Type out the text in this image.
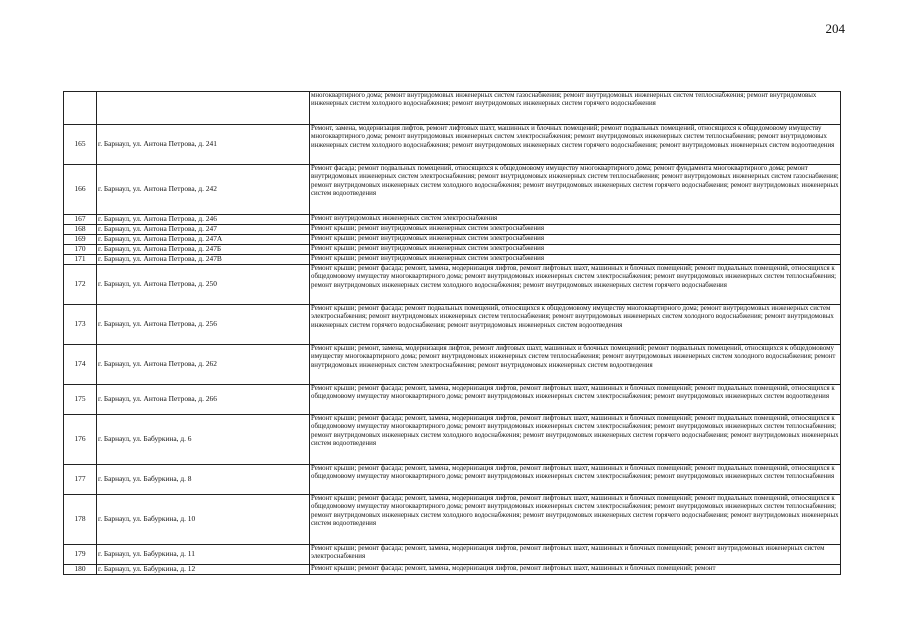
204
		многоквартирного дома; ремонт внутридомовых инженерных систем газоснабжения; ремонт внутридомовых инженерных систем теплоснабжения; ремонт внутридомовых инженерных систем холодного водоснабжения; ремонт внутридомовых инженерных систем горячего водоснабжения
165	г. Барнаул, ул. Антона Петрова, д. 241	Ремонт, замена, модернизация лифтов, ремонт лифтовых шахт, машинных и блочных помещений; ремонт подвальных помещений, относящихся к общедомовому имуществу многоквартирного дома; ремонт внутридомовых инженерных систем электроснабжения; ремонт внутридомовых инженерных систем теплоснабжения; ремонт внутридомовых инженерных систем холодного водоснабжения; ремонт внутридомовых инженерных систем горячего водоснабжения; ремонт внутридомовых инженерных систем водоотведения
166	г. Барнаул, ул. Антона Петрова, д. 242	Ремонт фасада; ремонт подвальных помещений, относящихся к общедомовому имуществу многоквартирного дома; ремонт фундамента многоквартирного дома; ремонт внутридомовых инженерных систем электроснабжения; ремонт внутридомовых инженерных систем теплоснабжения; ремонт внутридомовых инженерных систем газоснабжения; ремонт внутридомовых инженерных систем холодного водоснабжения; ремонт внутридомовых инженерных систем горячего водоснабжения; ремонт внутридомовых инженерных систем водоотведения
167	г. Барнаул, ул. Антона Петрова, д. 246	Ремонт внутридомовых инженерных систем электроснабжения
168	г. Барнаул, ул. Антона Петрова, д. 247	Ремонт крыши; ремонт внутридомовых инженерных систем электроснабжения
169	г. Барнаул, ул. Антона Петрова, д. 247А	Ремонт крыши; ремонт внутридомовых инженерных систем электроснабжения
170	г. Барнаул, ул. Антона Петрова, д. 247Б	Ремонт крыши; ремонт внутридомовых инженерных систем электроснабжения
171	г. Барнаул, ул. Антона Петрова, д. 247В	Ремонт крыши; ремонт внутридомовых инженерных систем электроснабжения
172	г. Барнаул, ул. Антона Петрова, д. 250	Ремонт крыши; ремонт фасада; ремонт, замена, модернизация лифтов, ремонт лифтовых шахт, машинных и блочных помещений; ремонт подвальных помещений, относящихся к общедомовому имуществу многоквартирного дома; ремонт внутридомовых инженерных систем электроснабжения; ремонт внутридомовых инженерных систем теплоснабжения; ремонт внутридомовых инженерных систем холодного водоснабжения; ремонт внутридомовых инженерных систем горячего водоснабжения
173	г. Барнаул, ул. Антона Петрова, д. 256	Ремонт крыши; ремонт фасада; ремонт подвальных помещений, относящихся к общедомовому имуществу многоквартирного дома; ремонт внутридомовых инженерных систем электроснабжения; ремонт внутридомовых инженерных систем теплоснабжения; ремонт внутридомовых инженерных систем холодного водоснабжения; ремонт внутридомовых инженерных систем горячего водоснабжения; ремонт внутридомовых инженерных систем водоотведения
174	г. Барнаул, ул. Антона Петрова, д. 262	Ремонт крыши; ремонт, замена, модернизация лифтов, ремонт лифтовых шахт, машинных и блочных помещений; ремонт подвальных помещений, относящихся к общедомовому имуществу многоквартирного дома; ремонт внутридомовых инженерных систем теплоснабжения; ремонт внутридомовых инженерных систем холодного водоснабжения; ремонт внутридомовых инженерных систем электроснабжения; ремонт внутридомовых инженерных систем водоотведения
175	г. Барнаул, ул. Антона Петрова, д. 266	Ремонт крыши; ремонт фасада; ремонт, замена, модернизация лифтов, ремонт лифтовых шахт, машинных и блочных помещений; ремонт подвальных помещений, относящихся к общедомовому имуществу многоквартирного дома; ремонт внутридомовых инженерных систем электроснабжения; ремонт внутридомовых инженерных систем водоотведения
176	г. Барнаул, ул. Бабуркина, д. 6	Ремонт крыши; ремонт фасада; ремонт, замена, модернизация лифтов, ремонт лифтовых шахт, машинных и блочных помещений; ремонт подвальных помещений, относящихся к общедомовому имуществу многоквартирного дома; ремонт внутридомовых инженерных систем электроснабжения; ремонт внутридомовых инженерных систем теплоснабжения; ремонт внутридомовых инженерных систем холодного водоснабжения; ремонт внутридомовых инженерных систем горячего водоснабжения; ремонт внутридомовых инженерных систем водоотведения
177	г. Барнаул, ул. Бабуркина, д. 8	Ремонт крыши; ремонт фасада; ремонт, замена, модернизация лифтов, ремонт лифтовых шахт, машинных и блочных помещений; ремонт подвальных помещений, относящихся к общедомовому имуществу многоквартирного дома; ремонт внутридомовых инженерных систем электроснабжения; ремонт внутридомовых инженерных систем теплоснабжения
178	г. Барнаул, ул. Бабуркина, д. 10	Ремонт крыши; ремонт фасада; ремонт, замена, модернизация лифтов, ремонт лифтовых шахт, машинных и блочных помещений; ремонт подвальных помещений, относящихся к общедомовому имуществу многоквартирного дома; ремонт внутридомовых инженерных систем электроснабжения; ремонт внутридомовых инженерных систем теплоснабжения; ремонт внутридомовых инженерных систем холодного водоснабжения; ремонт внутридомовых инженерных систем горячего водоснабжения; ремонт внутридомовых инженерных систем водоотведения
179	г. Барнаул, ул. Бабуркина, д. 11	Ремонт крыши; ремонт фасада; ремонт, замена, модернизация лифтов, ремонт лифтовых шахт, машинных и блочных помещений; ремонт внутридомовых инженерных систем электроснабжения
180	г. Барнаул, ул. Бабуркина, д. 12	Ремонт крыши; ремонт фасада; ремонт, замена, модернизация лифтов, ремонт лифтовых шахт, машинных и блочных помещений; ремонт
